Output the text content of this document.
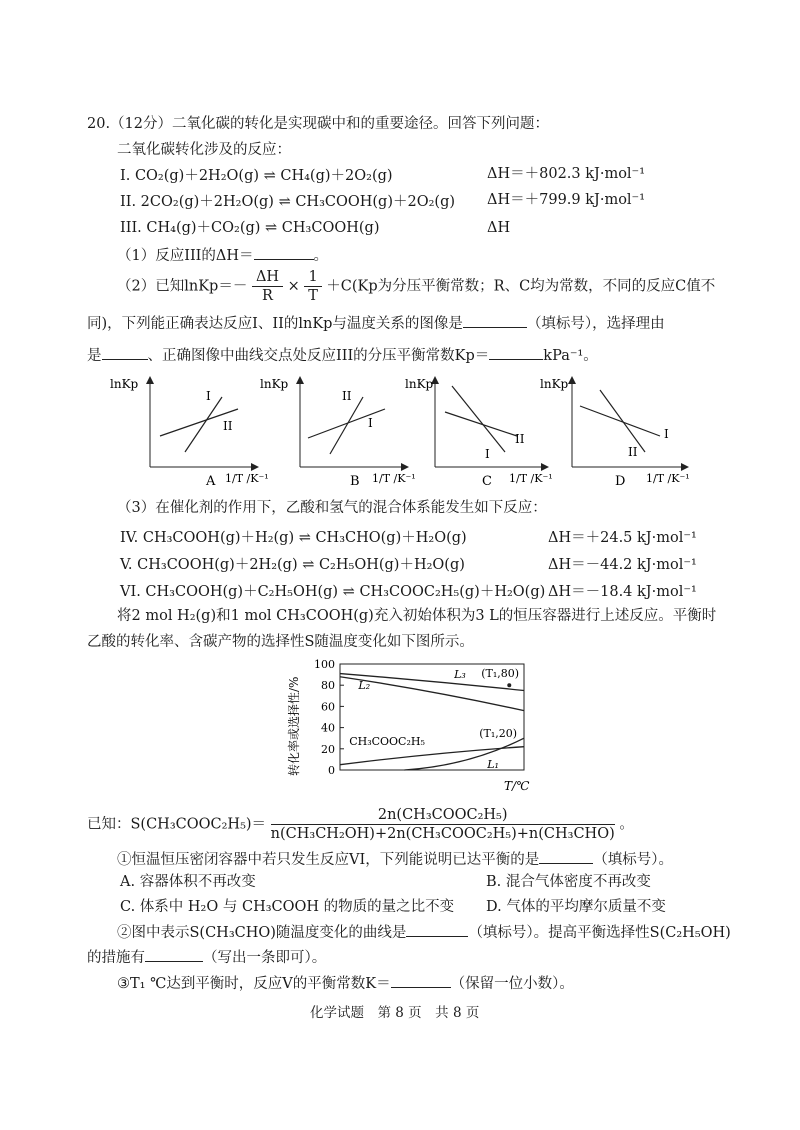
20.（12分）二氧化碳的转化是实现碳中和的重要途径。回答下列问题：
二氧化碳转化涉及的反应：
I. CO₂(g)＋2H₂O(g) ⇌ CH₄(g)＋2O₂(g)	ΔH＝＋802.3 kJ·mol⁻¹
II. 2CO₂(g)＋2H₂O(g) ⇌ CH₃COOH(g)＋2O₂(g) ΔH＝＋799.9 kJ·mol⁻¹
III. CH₄(g)＋CO₂(g) ⇌ CH₃COOH(g)	ΔH
（1）反应III的ΔH＝	。
（2）已知lnKp＝－ $\frac{\Delta H}{R} \times \frac{1}{T} +C(Kp$为分压平衡常数；R、C均为常数，不同的反应C值不
同)，下列能正确表达反应I、II的lnKp与温度关系的图像是	（填标号），选择理由
是	、正确图像中曲线交点处反应III的分压平衡常数Kp＝	kPa⁻¹。
lnKp
I
II
A 1/T /K⁻¹
lnKp
II
I
B 1/T /K⁻¹
lnKp
I
II
C 1/T /K⁻¹
lnKp
II
I
D 1/T /K⁻¹
（3）在催化剂的作用下，乙酸和氢气的混合体系能发生如下反应：
IV. CH₃COOH(g)＋H₂(g) ⇌ CH₃CHO(g)＋H₂O(g)	ΔH＝＋24.5 kJ·mol⁻¹
V. CH₃COOH(g)＋2H₂(g) ⇌ C₂H₅OH(g)＋H₂O(g)	ΔH＝－44.2 kJ·mol⁻¹
VI. CH₃COOH(g)＋C₂H₅OH(g) ⇌ CH₃COOC₂H₅(g)＋H₂O(g) ΔH＝－18.4 kJ·mol⁻¹
将2 mol H₂(g)和1 mol CH₃COOH(g)充入初始体积为3 L的恒压容器进行上述反应。平衡时
乙酸的转化率、含碳产物的选择性S随温度变化如下图所示。
转化率或选择性/% 0
20
40
60
80
100
(T₁,80)
(T₁,20)
L₃
L₂
CH₃COOC₂H₅
L₁
T/℃
已知：S(CH₃COOC₂H₅)＝ $\frac{\text{2n(CH₃COOC₂H₅)}}{\text{n(CH₃CH₂OH)+2n(CH₃COOC₂H₅)+n(CH₃CHO)}}$ 。
①恒温恒压密闭容器中若只发生反应VI，下列能说明已达平衡的是	（填标号）。
A. 容器体积不再改变	B. 混合气体密度不再改变
C. 体系中 H₂O 与 CH₃COOH 的物质的量之比不变 D. 气体的平均摩尔质量不变
②图中表示S(CH₃CHO)随温度变化的曲线是	（填标号）。提高平衡选择性S(C₂H₅OH)
的措施有	（写出一条即可）。
③T₁ ℃达到平衡时，反应V的平衡常数K＝	（保留一位小数）。
化学试题　第 8 页　共 8 页
